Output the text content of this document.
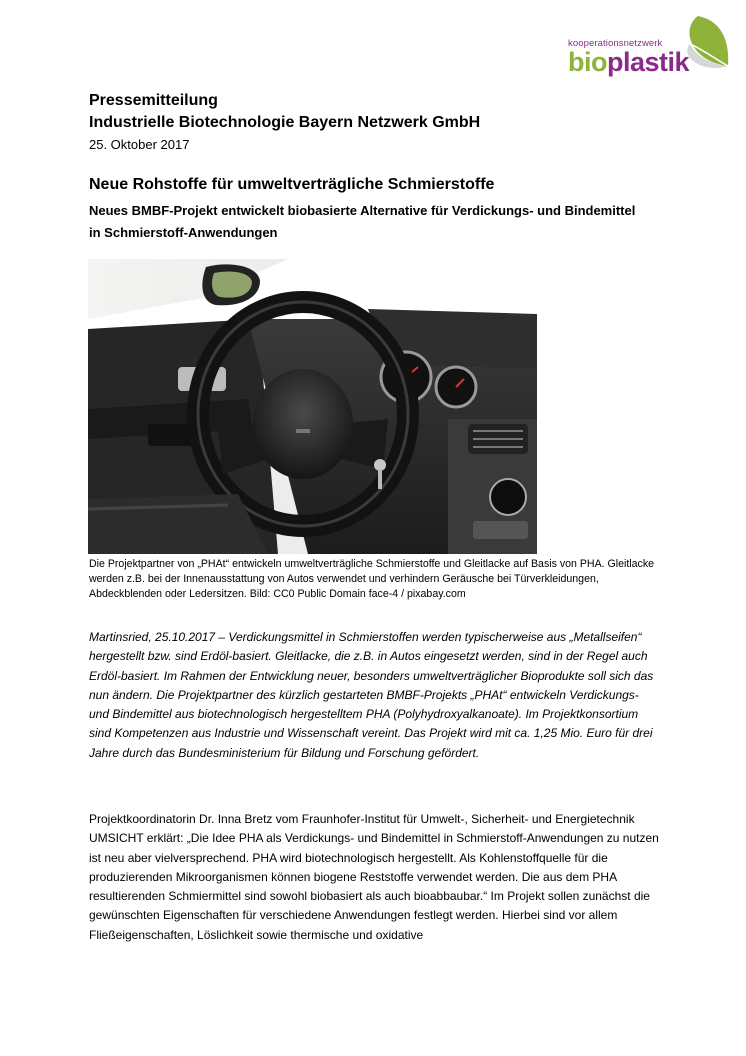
kooperationsnetzwerk
bioplastik
Pressemitteilung
Industrielle Biotechnologie Bayern Netzwerk GmbH
25. Oktober 2017
Neue Rohstoffe für umweltverträgliche Schmierstoffe
Neues BMBF-Projekt entwickelt biobasierte Alternative für Verdickungs- und Bindemittel in Schmierstoff-Anwendungen
Die Projektpartner von „PHAt“ entwickeln umweltverträgliche Schmierstoffe und Gleitlacke auf Basis von PHA. Gleitlacke werden z.B. bei der Innenausstattung von Autos verwendet und verhindern Geräusche bei Türverkleidungen, Abdeckblenden oder Ledersitzen. Bild: CC0 Public Domain face-4 / pixabay.com

Martinsried, 25.10.2017 – Verdickungsmittel in Schmierstoffen werden typischerweise aus „Metallseifen“ hergestellt bzw. sind Erdöl-basiert. Gleitlacke, die z.B. in Autos eingesetzt werden, sind in der Regel auch Erdöl-basiert. Im Rahmen der Entwicklung neuer, besonders umweltverträglicher Bioprodukte soll sich das nun ändern. Die Projektpartner des kürzlich gestarteten BMBF-Projekts „PHAt“ entwickeln Verdickungs- und Bindemittel aus biotechnologisch hergestelltem PHA (Polyhydroxyalkanoate). Im Projektkonsortium sind Kompetenzen aus Industrie und Wissenschaft vereint. Das Projekt wird mit ca. 1,25 Mio. Euro für drei Jahre durch das Bundesministerium für Bildung und Forschung gefördert.

Projektkoordinatorin Dr. Inna Bretz vom Fraunhofer-Institut für Umwelt-, Sicherheit- und Energietechnik UMSICHT erklärt: „Die Idee PHA als Verdickungs- und Bindemittel in Schmierstoff-Anwendungen zu nutzen ist neu aber vielversprechend. PHA wird biotechnologisch hergestellt. Als Kohlenstoffquelle für die produzierenden Mikroorganismen können biogene Reststoffe verwendet werden. Die aus dem PHA resultierenden Schmiermittel sind sowohl biobasiert als auch bioabbaubar.“ Im Projekt sollen zunächst die gewünschten Eigenschaften für verschiedene Anwendungen festlegt werden. Hierbei sind vor allem Fließeigenschaften, Löslichkeit sowie thermische und oxidative
